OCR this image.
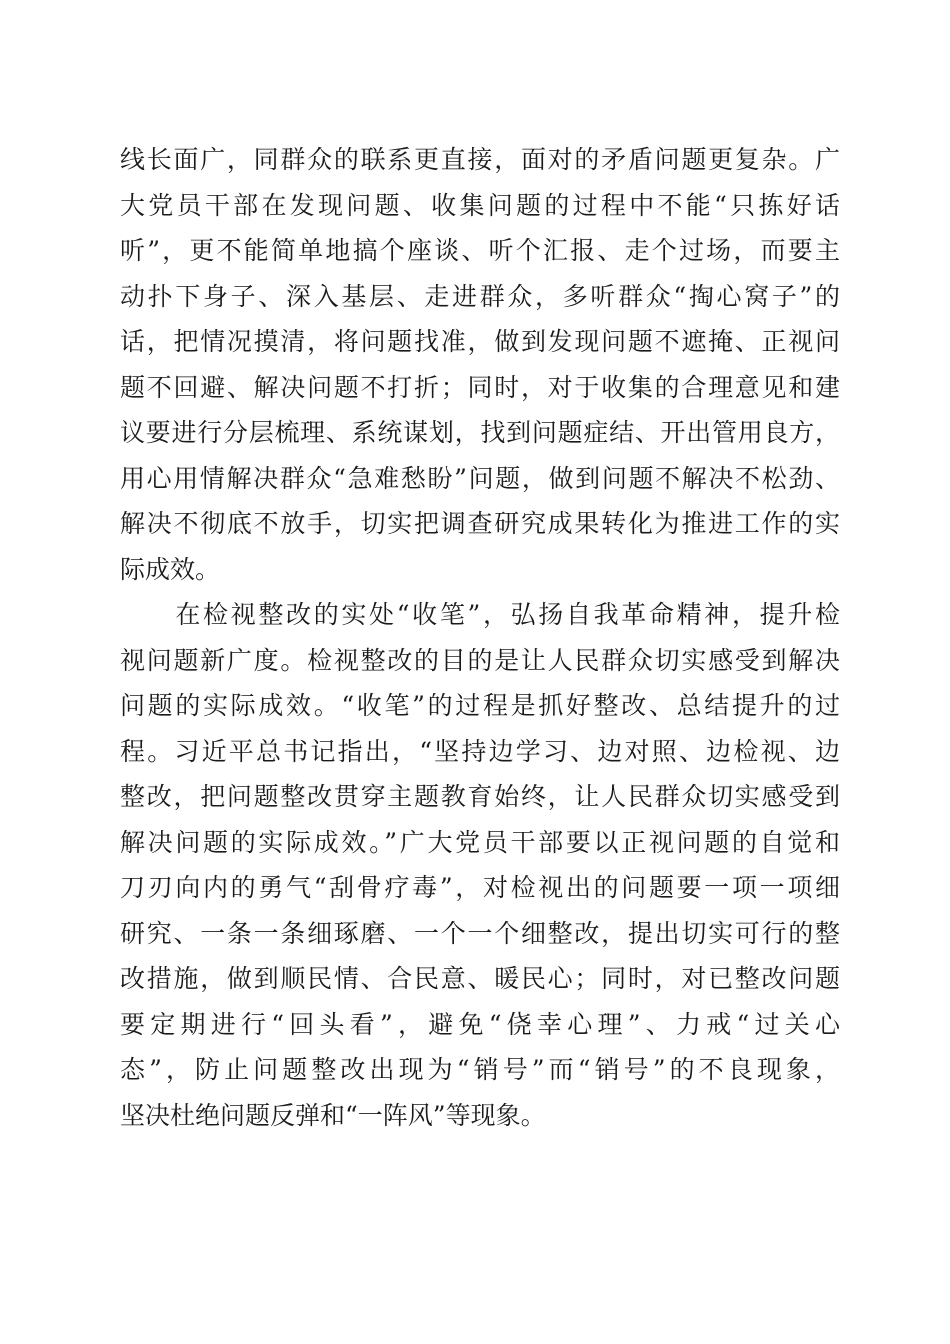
线长面广，同群众的联系更直接，面对的矛盾问题更复杂。广
大党员干部在发现问题、收集问题的过程中不能“只拣好话
听”，更不能简单地搞个座谈、听个汇报、走个过场，而要主
动扑下身子、深入基层、走进群众，多听群众“掏心窝子”的
话，把情况摸清，将问题找准，做到发现问题不遮掩、正视问
题不回避、解决问题不打折；同时，对于收集的合理意见和建
议要进行分层梳理、系统谋划，找到问题症结、开出管用良方，
用心用情解决群众“急难愁盼”问题，做到问题不解决不松劲、
解决不彻底不放手，切实把调查研究成果转化为推进工作的实
际成效。
　　在检视整改的实处“收笔”，弘扬自我革命精神，提升检
视问题新广度。检视整改的目的是让人民群众切实感受到解决
问题的实际成效。“收笔”的过程是抓好整改、总结提升的过
程。习近平总书记指出，“坚持边学习、边对照、边检视、边
整改，把问题整改贯穿主题教育始终，让人民群众切实感受到
解决问题的实际成效。”广大党员干部要以正视问题的自觉和
刀刃向内的勇气“刮骨疗毒”，对检视出的问题要一项一项细
研究、一条一条细琢磨、一个一个细整改，提出切实可行的整
改措施，做到顺民情、合民意、暖民心；同时，对已整改问题
要定期进行“回头看”，避免“侥幸心理”、力戒“过关心
态”，防止问题整改出现为“销号”而“销号”的不良现象，
坚决杜绝问题反弹和“一阵风”等现象。
